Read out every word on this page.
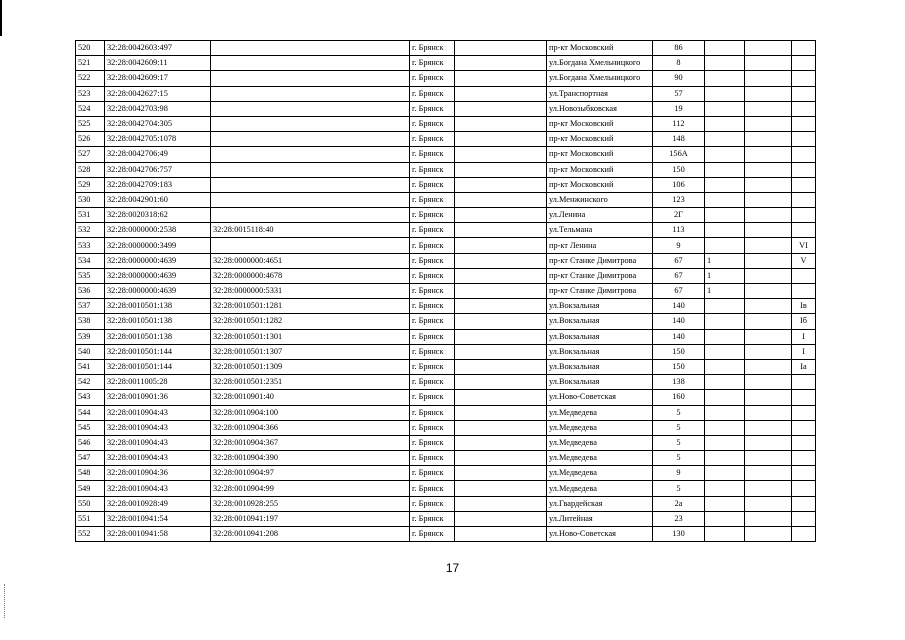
520	32:28:0042603:497		г. Брянск		пр-кт Московский	86			
521	32:28:0042609:11		г. Брянск		ул.Богдана Хмельницкого	8			
522	32:28:0042609:17		г. Брянск		ул.Богдана Хмельницкого	90			
523	32:28:0042627:15		г. Брянск		ул.Транспортная	57			
524	32:28:0042703:98		г. Брянск		ул.Новозыбковская	19			
525	32:28:0042704:305		г. Брянск		пр-кт Московский	112			
526	32:28:0042705:1078		г. Брянск		пр-кт Московский	148			
527	32:28:0042706:49		г. Брянск		пр-кт Московский	156А			
528	32:28:0042706:757		г. Брянск		пр-кт Московский	150			
529	32:28:0042709:183		г. Брянск		пр-кт Московский	106			
530	32:28:0042901:60		г. Брянск		ул.Менжинского	123			
531	32:28:0020318:62		г. Брянск		ул.Ленина	2Г			
532	32:28:0000000:2538	32:28:0015118:40	г. Брянск		ул.Тельмана	113			
533	32:28:0000000:3499		г. Брянск		пр-кт Ленина	9			VI
534	32:28:0000000:4639	32:28:0000000:4651	г. Брянск		пр-кт Станке Димитрова	67	1		V
535	32:28:0000000:4639	32:28:0000000:4678	г. Брянск		пр-кт Станке Димитрова	67	1		
536	32:28:0000000:4639	32:28:0000000:5331	г. Брянск		пр-кт Станке Димитрова	67	1		
537	32:28:0010501:138	32:28:0010501:1281	г. Брянск		ул.Вокзальная	140			Iв
538	32:28:0010501:138	32:28:0010501:1282	г. Брянск		ул.Вокзальная	140			Iб
539	32:28:0010501:138	32:28:0010501:1301	г. Брянск		ул.Вокзальная	140			I
540	32:28:0010501:144	32:28:0010501:1307	г. Брянск		ул.Вокзальная	150			I
541	32:28:0010501:144	32:28:0010501:1309	г. Брянск		ул.Вокзальная	150			Iа
542	32:28:0011005:28	32:28:0010501:2351	г. Брянск		ул.Вокзальная	138			
543	32:28:0010901:36	32:28:0010901:40	г. Брянск		ул.Ново-Советская	160			
544	32:28:0010904:43	32:28:0010904:100	г. Брянск		ул.Медведева	5			
545	32:28:0010904:43	32:28:0010904:366	г. Брянск		ул.Медведева	5			
546	32:28:0010904:43	32:28:0010904:367	г. Брянск		ул.Медведева	5			
547	32:28:0010904:43	32:28:0010904:390	г. Брянск		ул.Медведева	5			
548	32:28:0010904:36	32:28:0010904:97	г. Брянск		ул.Медведева	9			
549	32:28:0010904:43	32:28:0010904:99	г. Брянск		ул.Медведева	5			
550	32:28:0010928:49	32:28:0010928:255	г. Брянск		ул.Гвардейская	2а			
551	32:28:0010941:54	32:28:0010941:197	г. Брянск		ул.Литейная	23			
552	32:28:0010941:58	32:28:0010941:208	г. Брянск		ул.Ново-Советская	130			
17
